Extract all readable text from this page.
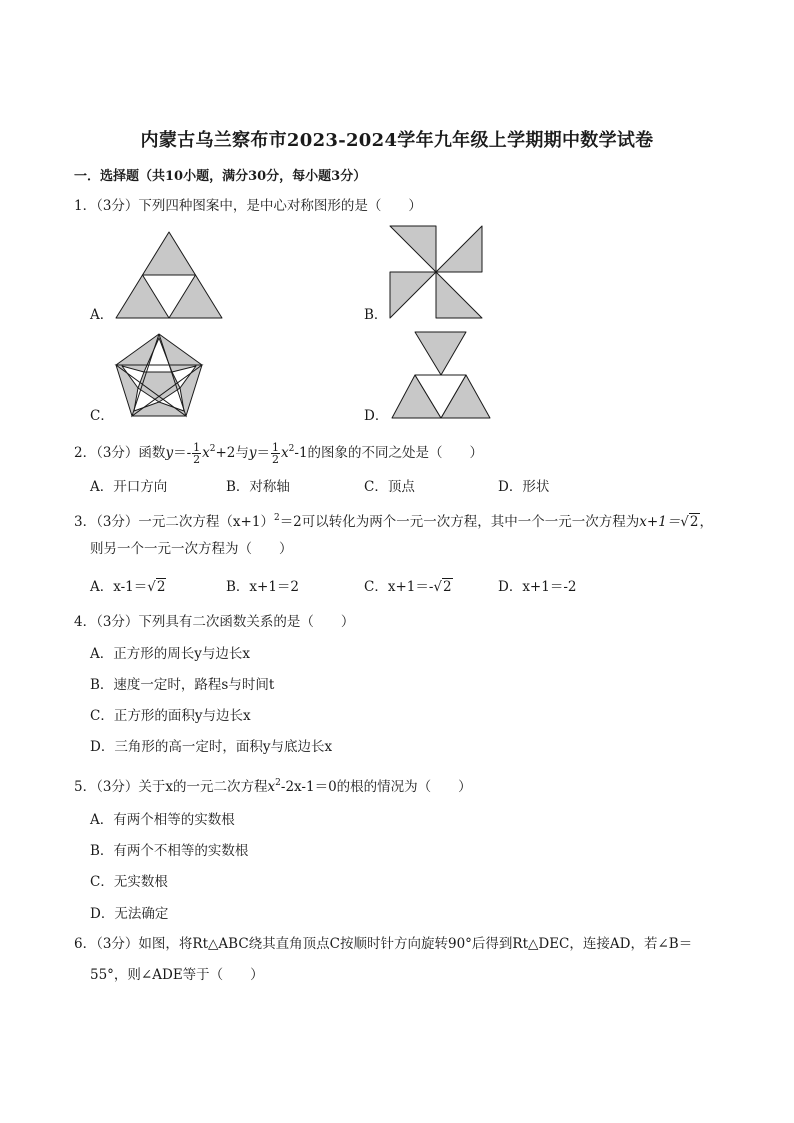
内蒙古乌兰察布市2023-2024学年九年级上学期期中数学试卷
一．选择题（共10小题，满分30分，每小题3分）
1．（3分）下列四种图案中，是中心对称图形的是（　　）
A．	B．
C．	D．
2．（3分）函数$y=- \frac{1}{2} x^2+2$与$y= \frac{1}{2} x^2-1$的图象的不同之处是（　　）
A．开口方向	B．对称轴	C．顶点	D．形状
3．（3分）一元二次方程$(x+1)^2=2$可以转化为两个一元一次方程，其中一个一元一次方程为x+1＝√2，
则另一个一元一次方程为（　　）
A．x-1＝√2	B．x+1＝2	C．x+1＝-√2	D．x+1＝-2
4．（3分）下列具有二次函数关系的是（　　）
A．正方形的周长y与边长x
B．速度一定时，路程s与时间t
C．正方形的面积y与边长x
D．三角形的高一定时，面积y与底边长x
5．（3分）关于x的一元二次方程$x^2-2x-1=0$的根的情况为（　　）
A．有两个相等的实数根
B．有两个不相等的实数根
C．无实数根
D．无法确定
6．（3分）如图，将Rt△ABC绕其直角顶点C按顺时针方向旋转90°后得到Rt△DEC，连接AD，若∠B＝
55°，则∠ADE等于（　　）
